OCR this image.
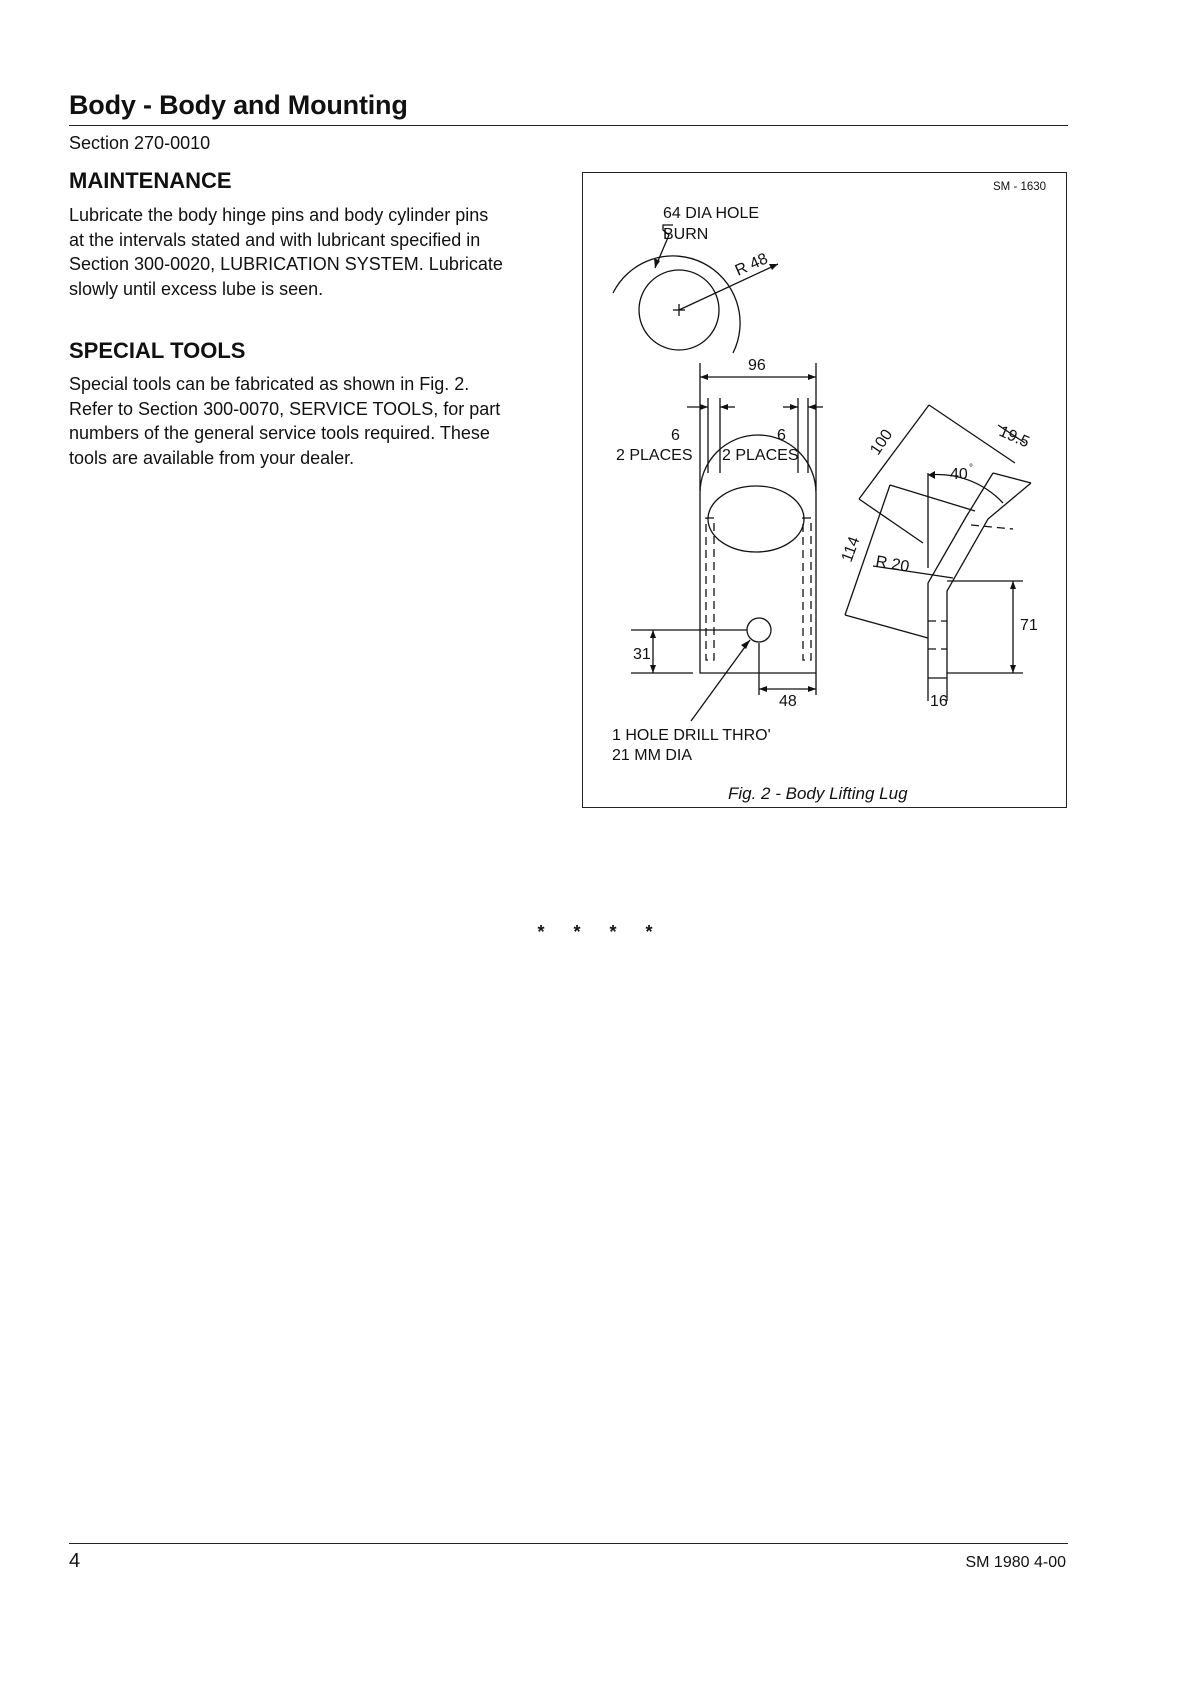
Body - Body and Mounting
Section 270-0010
MAINTENANCE
Lubricate the body hinge pins and body cylinder pins
at the intervals stated and with lubricant specified in
Section 300-0020, LUBRICATION SYSTEM. Lubricate
slowly until excess lube is seen.
SPECIAL TOOLS
Special tools can be fabricated as shown in Fig. 2.
Refer to Section 300-0070, SERVICE TOOLS, for part
numbers of the general service tools required. These
tools are available from your dealer.
SM - 1630
64 DIA HOLE
BURN
R 48
96
6	6
2 PLACES 2 PLACES
31
48
1 HOLE DRILL THRO'
21 MM DIA
100	19.5
40 °
114
R 20
71
16
Fig. 2 - Body Lifting Lug
* * * *
4	SM 1980 4-00
